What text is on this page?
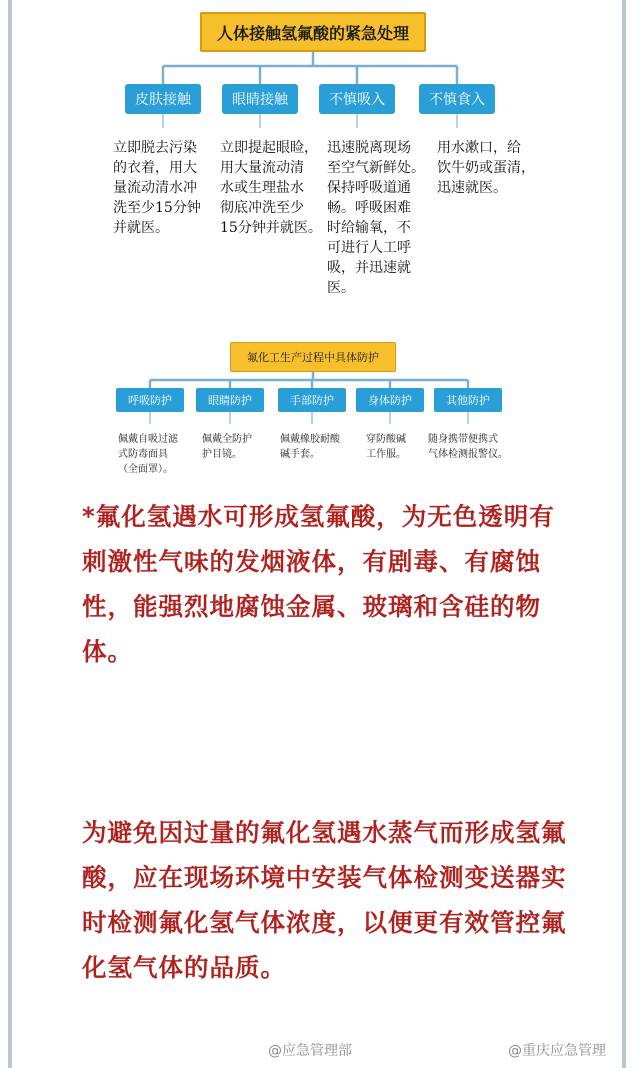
人体接触氢氟酸的紧急处理
皮肤接触	眼睛接触	不慎吸入	不慎食入
立即脱去污染
的衣着，用大
量流动清水冲
洗至少15分钟
并就医。
立即提起眼睑，
用大量流动清
水或生理盐水
彻底冲洗至少
15分钟并就医。
迅速脱离现场
至空气新鲜处。
保持呼吸道通
畅。呼吸困难
时给输氧，不
可进行人工呼
吸，并迅速就
医。
用水漱口，给
饮牛奶或蛋清，
迅速就医。
氟化工生产过程中具体防护
呼吸防护	眼睛防护	手部防护	身体防护	其他防护
佩戴自吸过滤
式防毒面具
（全面罩）。
佩戴全防护
护目镜。
佩戴橡胶耐酸
碱手套。
穿防酸碱
工作服。
随身携带便携式
气体检测报警仪。
*氟化氢遇水可形成氢氟酸，为无色透明有刺激性气味的发烟液体，有剧毒、有腐蚀性，能强烈地腐蚀金属、玻璃和含硅的物体。
为避免因过量的氟化氢遇水蒸气而形成氢氟酸，应在现场环境中安装气体检测变送器实时检测氟化氢气体浓度，以便更有效管控氟化氢气体的品质。
@应急管理部	@重庆应急管理
